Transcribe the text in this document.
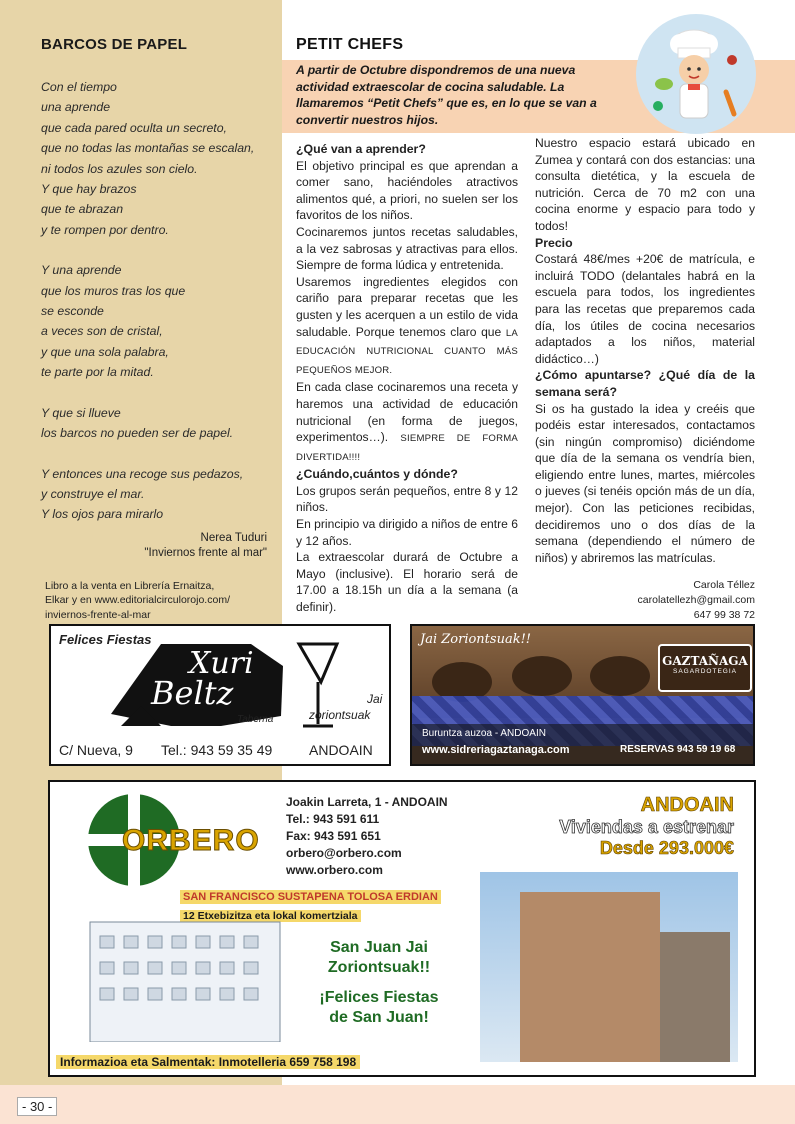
BARCOS DE PAPEL

Con el tiempo

una aprende

que cada pared oculta un secreto,

que no todas las montañas se escalan,

ni todos los azules son cielo.

Y que hay brazos

que te abrazan

y te rompen por dentro.

Y una aprende

que los muros tras los que

se esconde

a veces son de cristal,

y que una sola palabra,

te parte por la mitad.

Y que si llueve

los barcos no pueden ser de papel.

Y entonces una recoge sus pedazos,

y construye el mar.

Y los ojos para mirarlo

Nerea Tuduri
"Inviernos frente al mar"
Libro a la venta en Librería Ernaitza,
Elkar y en www.editorialcirculorojo.com/
inviernos-frente-al-mar
PETIT CHEFS
A partir de Octubre dispondremos de una nueva actividad extraescolar de cocina saludable. La llamaremos “Petit Chefs” que es, en lo que se van a convertir nuestros hijos.
¿Qué van a aprender?

El objetivo principal es que aprendan a comer sano, haciéndoles atractivos alimentos qué, a priori, no suelen ser los favoritos de los niños.

Cocinaremos juntos recetas saludables, a la vez sabrosas y atractivas para ellos. Siempre de forma lúdica y entretenida.

Usaremos ingredientes elegidos con cariño para preparar recetas que les gusten y les acerquen a un estilo de vida saludable. Porque tenemos claro que LA EDUCACIÓN NUTRICIONAL CUANTO MÁS PEQUEÑOS MEJOR.

En cada clase cocinaremos una receta y haremos una actividad de educación nutricional (en forma de juegos, experimentos…). SIEMPRE DE FORMA DIVERTIDA!!!!

¿Cuándo,cuántos y dónde?

Los grupos serán pequeños, entre 8 y 12 niños.

En principio va dirigido a niños de entre 6 y 12 años.

La extraescolar durará de Octubre a Mayo (inclusive). El horario será de 17.00 a 18.15h un día a la semana (a definir).

Nuestro espacio estará ubicado en Zumea y contará con dos estancias: una consulta dietética, y la escuela de nutrición. Cerca de 70 m2 con una cocina enorme y espacio para todo y todos!

Precio

Costará 48€/mes +20€ de matrícula, e incluirá TODO (delantales habrá en la escuela para todos, los ingredientes para las recetas que preparemos cada día, los útiles de cocina necesarios adaptados a los niños, material didáctico…)

¿Cómo apuntarse? ¿Qué día de la semana será?

Si os ha gustado la idea y creéis que podéis estar interesados, contactamos (sin ningún compromiso) diciéndome que día de la semana os vendría bien, eligiendo entre lunes, martes, miércoles o jueves (si tenéis opción más de un día, mejor). Con las peticiones recibidas, decidiremos uno o dos días de la semana (dependiendo el número de niños) y abriremos las matrículas.

Carola Téllez
carolatellezh@gmail.com
647 99 38 72
Felices Fiestas
Xuri
Beltz
Taberna
Jai
zoriontsuak
C/ Nueva, 9 Tel.: 943 59 35 49	ANDOAIN
Jai Zoriontsuak!!
GAZTAÑAGA
SAGARDOTEGIA
Buruntza auzoa - ANDOAIN
www.sidreriagaztanaga.com	RESERVAS 943 59 19 68
ORBERO
Joakin Larreta, 1 - ANDOAIN
Tel.: 943 591 611
Fax: 943 591 651
orbero@orbero.com
www.orbero.com
ANDOAIN
Viviendas a estrenar
Desde 293.000€
SAN FRANCISCO SUSTAPENA TOLOSA ERDIAN
12 Etxebizitza eta lokal komertziala
San Juan Jai
Zoriontsuak!!
¡Felices Fiestas
de San Juan!
Informazioa eta Salmentak: Inmotelleria 659 758 198
- 30 -
